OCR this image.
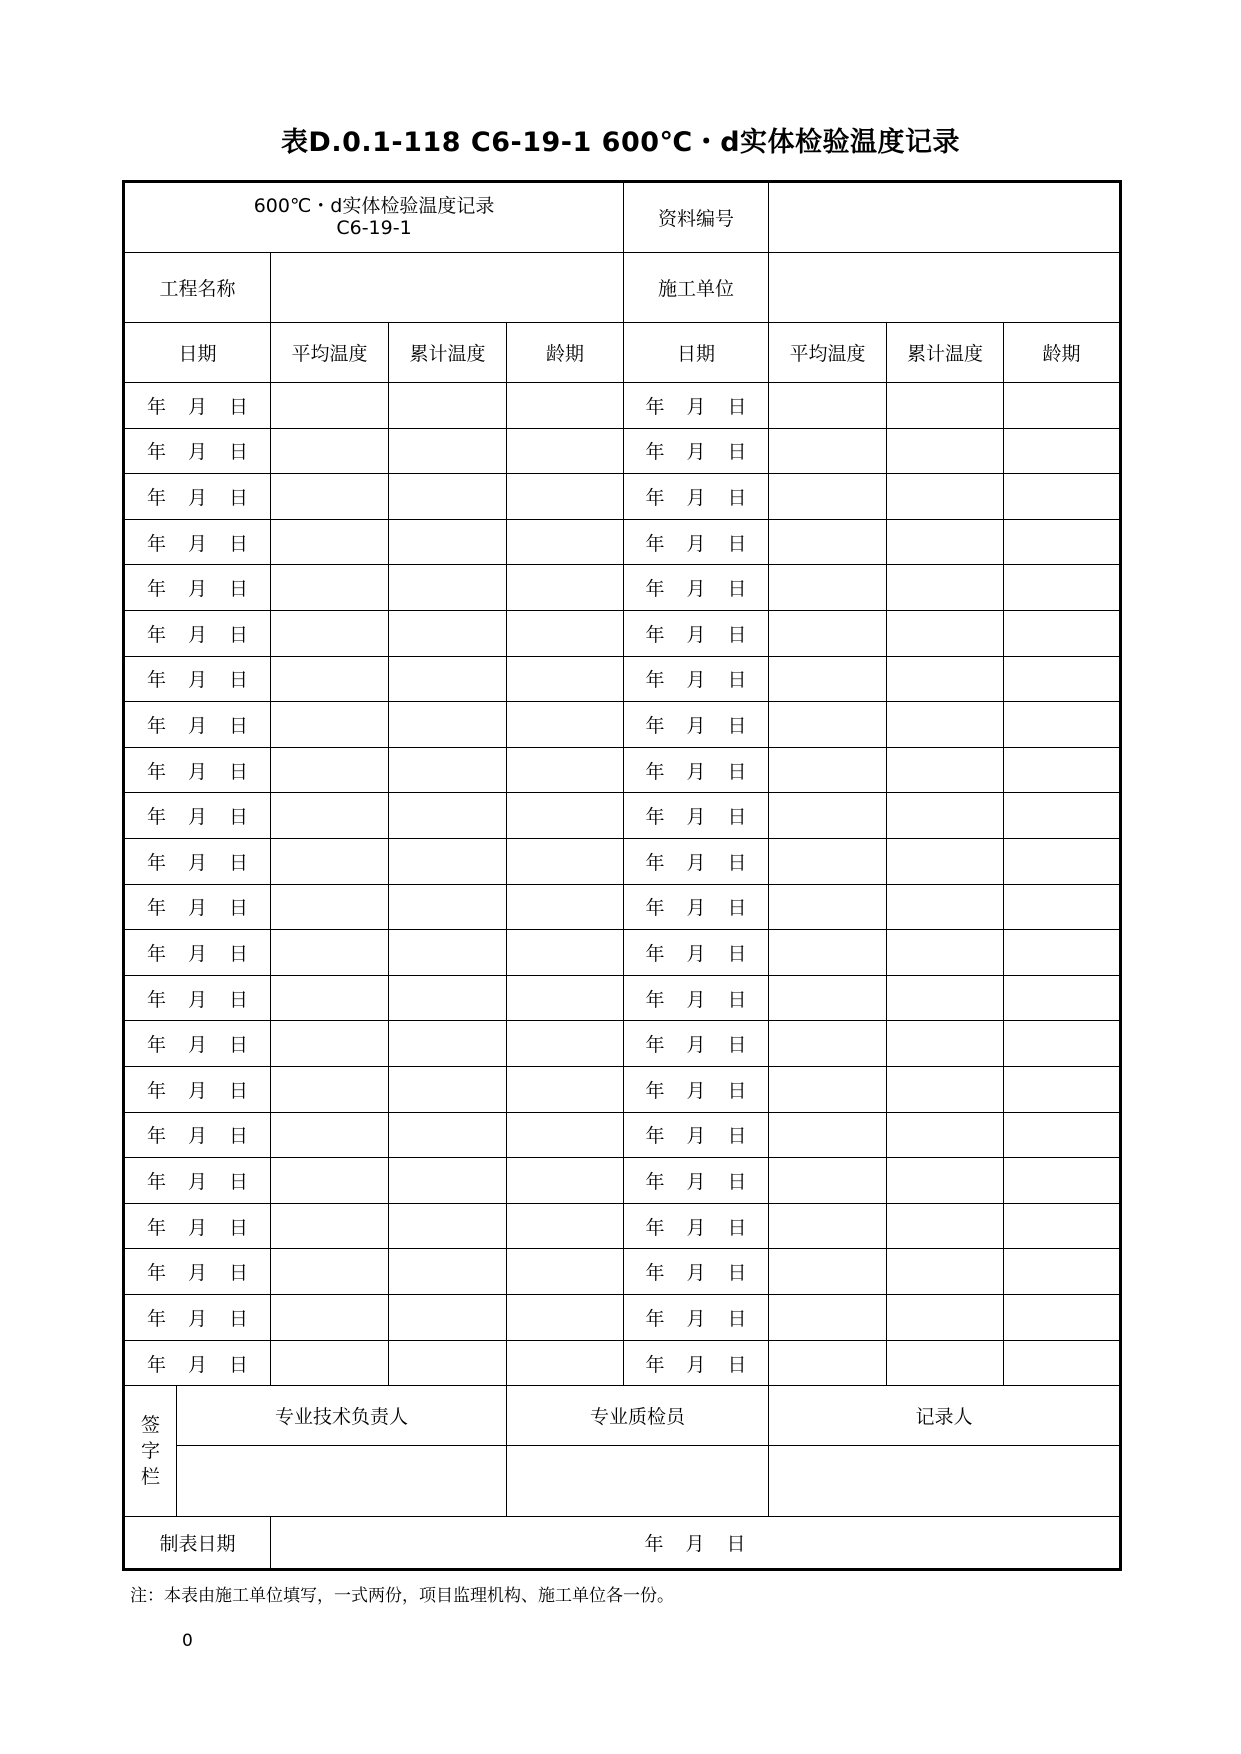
表D.0.1-118 C6-19-1 600℃・d实体检验温度记录
600℃・d实体检验温度记录
C6-19-1					资料编号			
工程名称					施工单位			
日期		平均温度	累计温度	龄期	日期	平均温度	累计温度	龄期
年 月 日					年 月 日			
年 月 日					年 月 日			
年 月 日					年 月 日			
年 月 日					年 月 日			
年 月 日					年 月 日			
年 月 日					年 月 日			
年 月 日					年 月 日			
年 月 日					年 月 日			
年 月 日					年 月 日			
年 月 日					年 月 日			
年 月 日					年 月 日			
年 月 日					年 月 日			
年 月 日					年 月 日			
年 月 日					年 月 日			
年 月 日					年 月 日			
年 月 日					年 月 日			
年 月 日					年 月 日			
年 月 日					年 月 日			
年 月 日					年 月 日			
年 月 日					年 月 日			
年 月 日					年 月 日			
年 月 日					年 月 日			

签
字
栏	专业技术负责人			专业质检员		记录人		

制表日期		年 月 日						
注：本表由施工单位填写，一式两份，项目监理机构、施工单位各一份。
0
